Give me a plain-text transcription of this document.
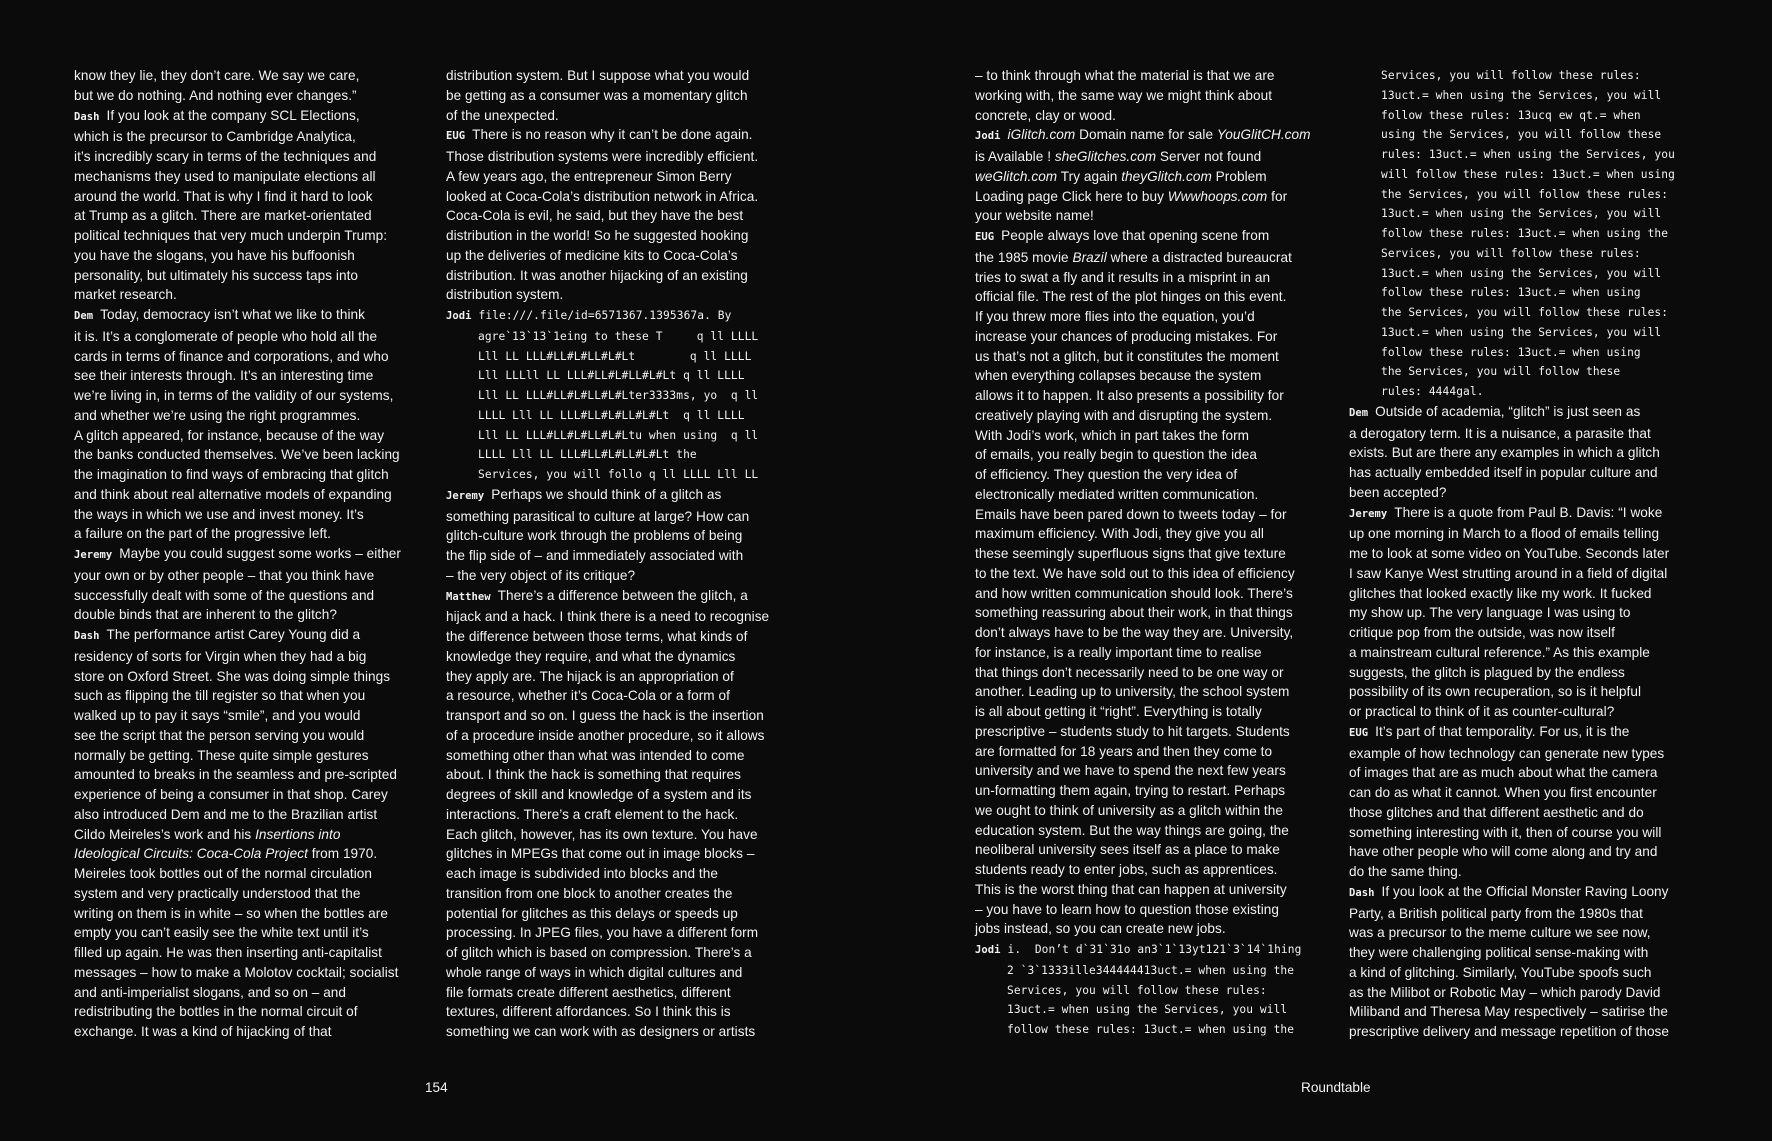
know they lie, they don’t care. We say we care,
but we do nothing. And nothing ever changes.”
Dash If you look at the company SCL Elections,
which is the precursor to Cambridge Analytica,
it’s incredibly scary in terms of the techniques and
mechanisms they used to manipulate elections all
around the world. That is why I find it hard to look
at Trump as a glitch. There are market-orientated
political techniques that very much underpin Trump:
you have the slogans, you have his buffoonish
personality, but ultimately his success taps into
market research.
Dem Today, democracy isn’t what we like to think
it is. It’s a conglomerate of people who hold all the
cards in terms of finance and corporations, and who
see their interests through. It’s an interesting time
we’re living in, in terms of the validity of our systems,
and whether we’re using the right programmes.
A glitch appeared, for instance, because of the way
the banks conducted themselves. We’ve been lacking
the imagination to find ways of embracing that glitch
and think about real alternative models of expanding
the ways in which we use and invest money. It’s
a failure on the part of the progressive left.
Jeremy Maybe you could suggest some works – either
your own or by other people – that you think have
successfully dealt with some of the questions and
double binds that are inherent to the glitch?
Dash The performance artist Carey Young did a
residency of sorts for Virgin when they had a big
store on Oxford Street. She was doing simple things
such as flipping the till register so that when you
walked up to pay it says “smile”, and you would
see the script that the person serving you would
normally be getting. These quite simple gestures
amounted to breaks in the seamless and pre-scripted
experience of being a consumer in that shop. Carey
also introduced Dem and me to the Brazilian artist
Cildo Meireles’s work and his Insertions into
Ideological Circuits: Coca-Cola Project from 1970.
Meireles took bottles out of the normal circulation
system and very practically understood that the
writing on them is in white – so when the bottles are
empty you can’t easily see the white text until it’s
filled up again. He was then inserting anti-capitalist
messages – how to make a Molotov cocktail; socialist
and anti-imperialist slogans, and so on – and
redistributing the bottles in the normal circuit of
exchange. It was a kind of hijacking of that
distribution system. But I suppose what you would
be getting as a consumer was a momentary glitch
of the unexpected.
EUG There is no reason why it can’t be done again.
Those distribution systems were incredibly efficient.
A few years ago, the entrepreneur Simon Berry
looked at Coca-Cola’s distribution network in Africa.
Coca-Cola is evil, he said, but they have the best
distribution in the world! So he suggested hooking
up the deliveries of medicine kits to Coca-Cola’s
distribution. It was another hijacking of an existing
distribution system.
Jodi file:///.file/id=6571367.1395367a. By
agre`13`13`1eing to these T     q ll LLLL
Lll LL LLL#LL#L#LL#L#Lt        q ll LLLL
Lll LLLll LL LLL#LL#L#LL#L#Lt q ll LLLL
Lll LL LLL#LL#L#LL#L#Lter3333ms, yo  q ll
LLLL Lll LL LLL#LL#L#LL#L#Lt  q ll LLLL
Lll LL LLL#LL#L#LL#L#Ltu when using  q ll
LLLL Lll LL LLL#LL#L#LL#L#Lt the
Services, you will follo q ll LLLL Lll LL
Jeremy Perhaps we should think of a glitch as
something parasitical to culture at large? How can
glitch-culture work through the problems of being
the flip side of – and immediately associated with
– the very object of its critique?
Matthew There’s a difference between the glitch, a
hijack and a hack. I think there is a need to recognise
the difference between those terms, what kinds of
knowledge they require, and what the dynamics
they apply are. The hijack is an appropriation of
a resource, whether it’s Coca-Cola or a form of
transport and so on. I guess the hack is the insertion
of a procedure inside another procedure, so it allows
something other than what was intended to come
about. I think the hack is something that requires
degrees of skill and knowledge of a system and its
interactions. There’s a craft element to the hack.
Each glitch, however, has its own texture. You have
glitches in MPEGs that come out in image blocks –
each image is subdivided into blocks and the
transition from one block to another creates the
potential for glitches as this delays or speeds up
processing. In JPEG files, you have a different form
of glitch which is based on compression. There’s a
whole range of ways in which digital cultures and
file formats create different aesthetics, different
textures, different affordances. So I think this is
something we can work with as designers or artists
– to think through what the material is that we are
working with, the same way we might think about
concrete, clay or wood.
Jodi iGlitch.com Domain name for sale YouGlitCH.com
is Available ! sheGlitches.com Server not found
weGlitch.com Try again theyGlitch.com Problem
Loading page Click here to buy Wwwhoops.com for
your website name!
EUG People always love that opening scene from
the 1985 movie Brazil where a distracted bureaucrat
tries to swat a fly and it results in a misprint in an
official file. The rest of the plot hinges on this event.
If you threw more flies into the equation, you’d
increase your chances of producing mistakes. For
us that’s not a glitch, but it constitutes the moment
when everything collapses because the system
allows it to happen. It also presents a possibility for
creatively playing with and disrupting the system.
With Jodi’s work, which in part takes the form
of emails, you really begin to question the idea
of efficiency. They question the very idea of
electronically mediated written communication.
Emails have been pared down to tweets today – for
maximum efficiency. With Jodi, they give you all
these seemingly superfluous signs that give texture
to the text. We have sold out to this idea of efficiency
and how written communication should look. There’s
something reassuring about their work, in that things
don’t always have to be the way they are. University,
for instance, is a really important time to realise
that things don’t necessarily need to be one way or
another. Leading up to university, the school system
is all about getting it “right”. Everything is totally
prescriptive – students study to hit targets. Students
are formatted for 18 years and then they come to
university and we have to spend the next few years
un-formatting them again, trying to restart. Perhaps
we ought to think of university as a glitch within the
education system. But the way things are going, the
neoliberal university sees itself as a place to make
students ready to enter jobs, such as apprentices.
This is the worst thing that can happen at university
– you have to learn how to question those existing
jobs instead, so you can create new jobs.
Jodi i.  Don’t d`31`31o an3`1`13yt121`3`14`1hing
2 `3`1333ille344444413uct.= when using the
Services, you will follow these rules:
13uct.= when using the Services, you will
follow these rules: 13uct.= when using the
Services, you will follow these rules:
13uct.= when using the Services, you will
follow these rules: 13ucq ew qt.= when
using the Services, you will follow these
rules: 13uct.= when using the Services, you
will follow these rules: 13uct.= when using
the Services, you will follow these rules:
13uct.= when using the Services, you will
follow these rules: 13uct.= when using the
Services, you will follow these rules:
13uct.= when using the Services, you will
follow these rules: 13uct.= when using
the Services, you will follow these rules:
13uct.= when using the Services, you will
follow these rules: 13uct.= when using
the Services, you will follow these
rules: 4444gal.
Dem Outside of academia, “glitch” is just seen as
a derogatory term. It is a nuisance, a parasite that
exists. But are there any examples in which a glitch
has actually embedded itself in popular culture and
been accepted?
Jeremy There is a quote from Paul B. Davis: “I woke
up one morning in March to a flood of emails telling
me to look at some video on YouTube. Seconds later
I saw Kanye West strutting around in a field of digital
glitches that looked exactly like my work. It fucked
my show up. The very language I was using to
critique pop from the outside, was now itself
a mainstream cultural reference.” As this example
suggests, the glitch is plagued by the endless
possibility of its own recuperation, so is it helpful
or practical to think of it as counter-cultural?
EUG It’s part of that temporality. For us, it is the
example of how technology can generate new types
of images that are as much about what the camera
can do as what it cannot. When you first encounter
those glitches and that different aesthetic and do
something interesting with it, then of course you will
have other people who will come along and try and
do the same thing.
Dash If you look at the Official Monster Raving Loony
Party, a British political party from the 1980s that
was a precursor to the meme culture we see now,
they were challenging political sense-making with
a kind of glitching. Similarly, YouTube spoofs such
as the Milibot or Robotic May – which parody David
Miliband and Theresa May respectively – satirise the
prescriptive delivery and message repetition of those
154	Roundtable
